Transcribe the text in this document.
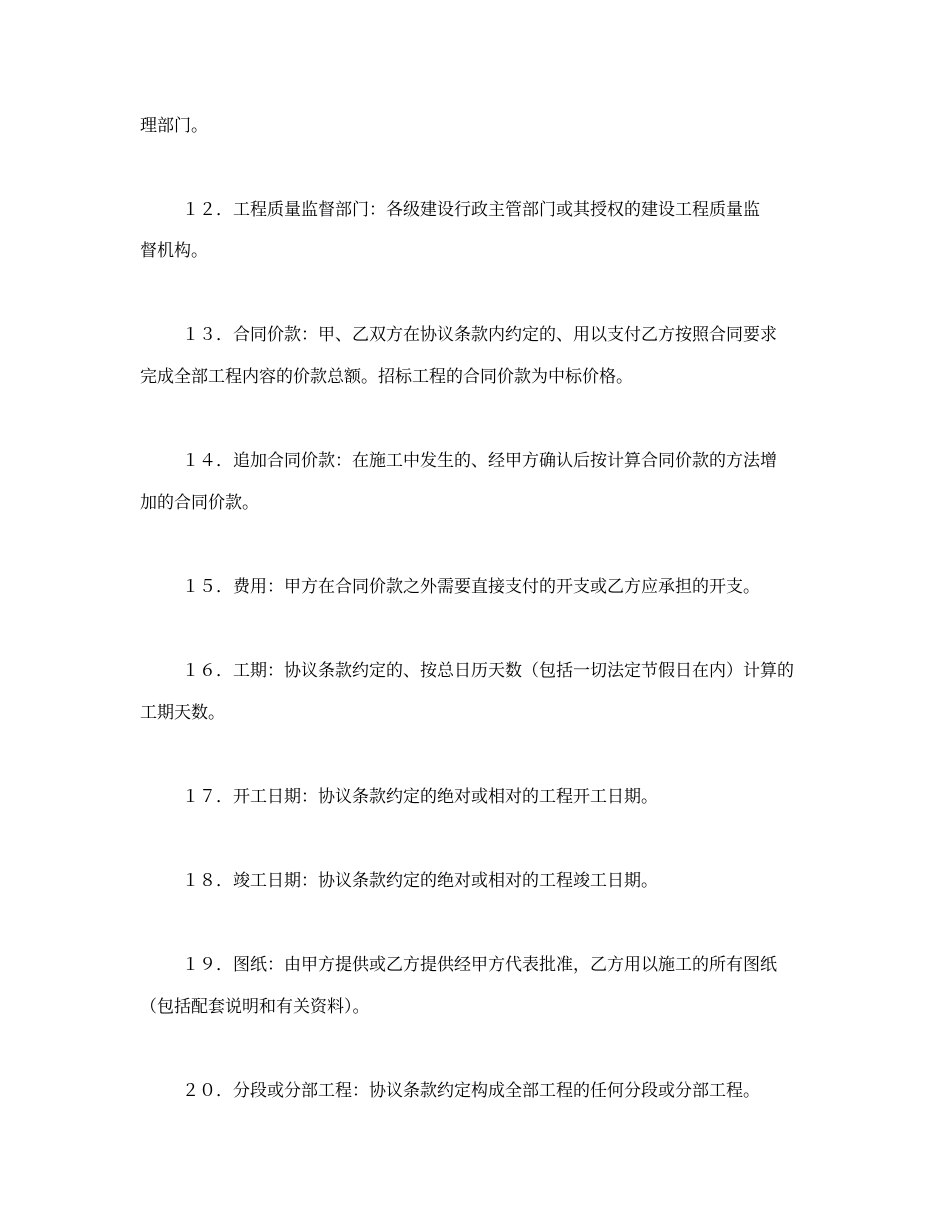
理部门。
１２．工程质量监督部门：各级建设行政主管部门或其授权的建设工程质量监
督机构。
１３．合同价款：甲、乙双方在协议条款内约定的、用以支付乙方按照合同要求
完成全部工程内容的价款总额。招标工程的合同价款为中标价格。
１４．追加合同价款：在施工中发生的、经甲方确认后按计算合同价款的方法增
加的合同价款。
１５．费用：甲方在合同价款之外需要直接支付的开支或乙方应承担的开支。
１６．工期：协议条款约定的、按总日历天数（包括一切法定节假日在内）计算的
工期天数。
１７．开工日期：协议条款约定的绝对或相对的工程开工日期。
１８．竣工日期：协议条款约定的绝对或相对的工程竣工日期。
１９．图纸：由甲方提供或乙方提供经甲方代表批准，乙方用以施工的所有图纸
（包括配套说明和有关资料）。
２０．分段或分部工程：协议条款约定构成全部工程的任何分段或分部工程。
